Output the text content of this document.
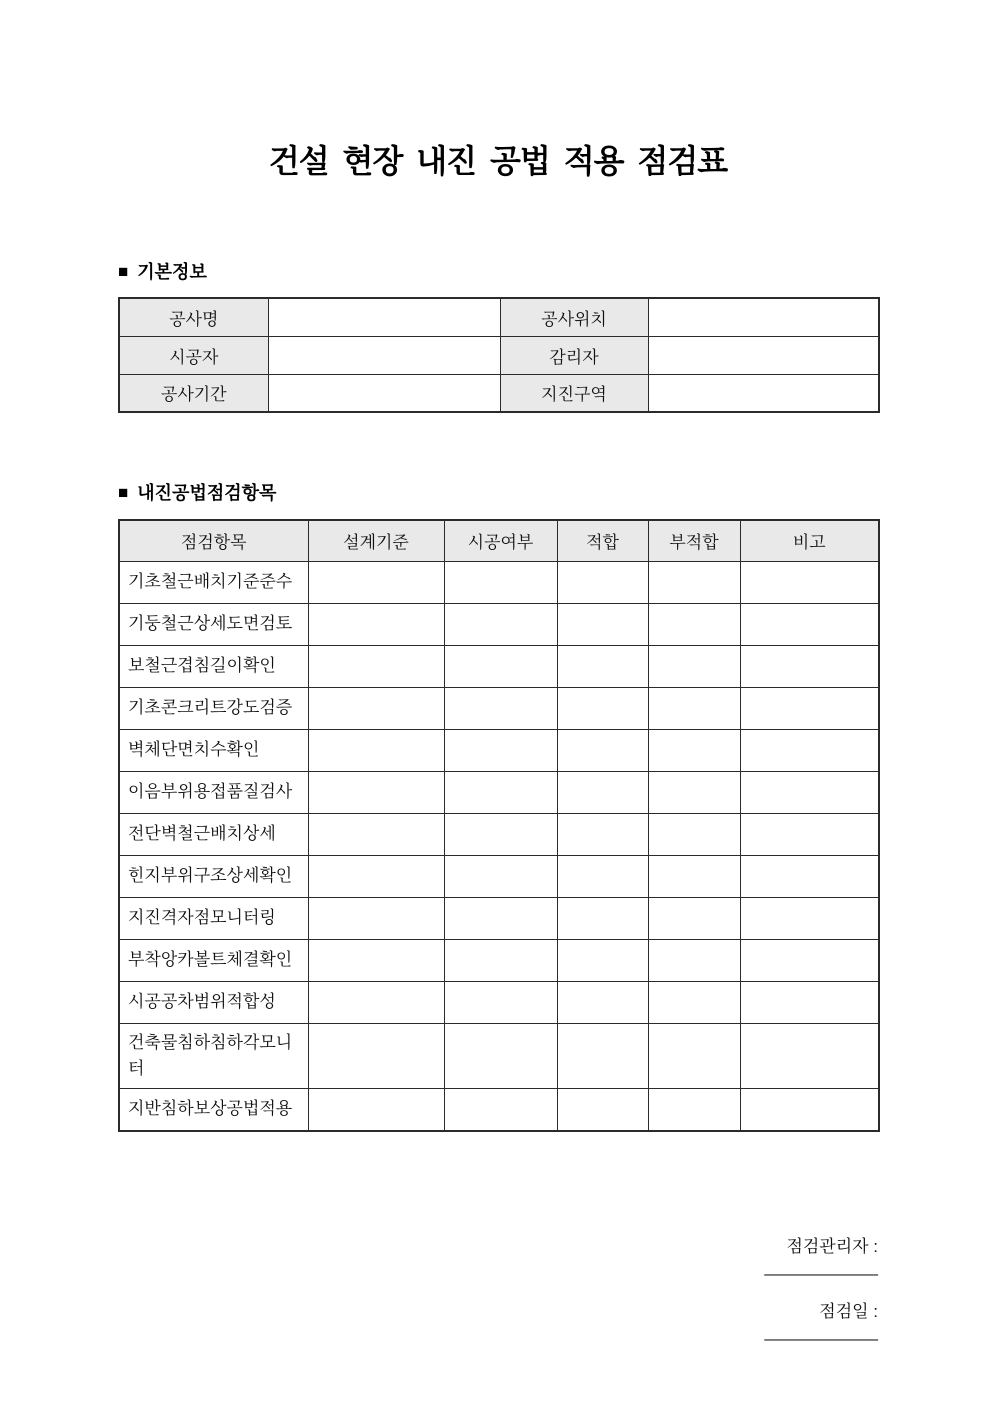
건설 현장 내진 공법 적용 점검표
■ 기본정보
공사명		공사위치	
시공자		감리자	
공사기간		지진구역	
■ 내진공법점검항목
점검항목	설계기준	시공여부	적합	부적합	비고
기초철근배치기준준수					
기둥철근상세도면검토					
보철근겹침길이확인					
기초콘크리트강도검증					
벽체단면치수확인					
이음부위용접품질검사					
전단벽철근배치상세					
힌지부위구조상세확인					
지진격자점모니터링					
부착앙카볼트체결확인					
시공공차범위적합성					
건축물침하침하각모니터					
지반침하보상공법적용					

점검관리자 :
____________

점검일 :
____________
